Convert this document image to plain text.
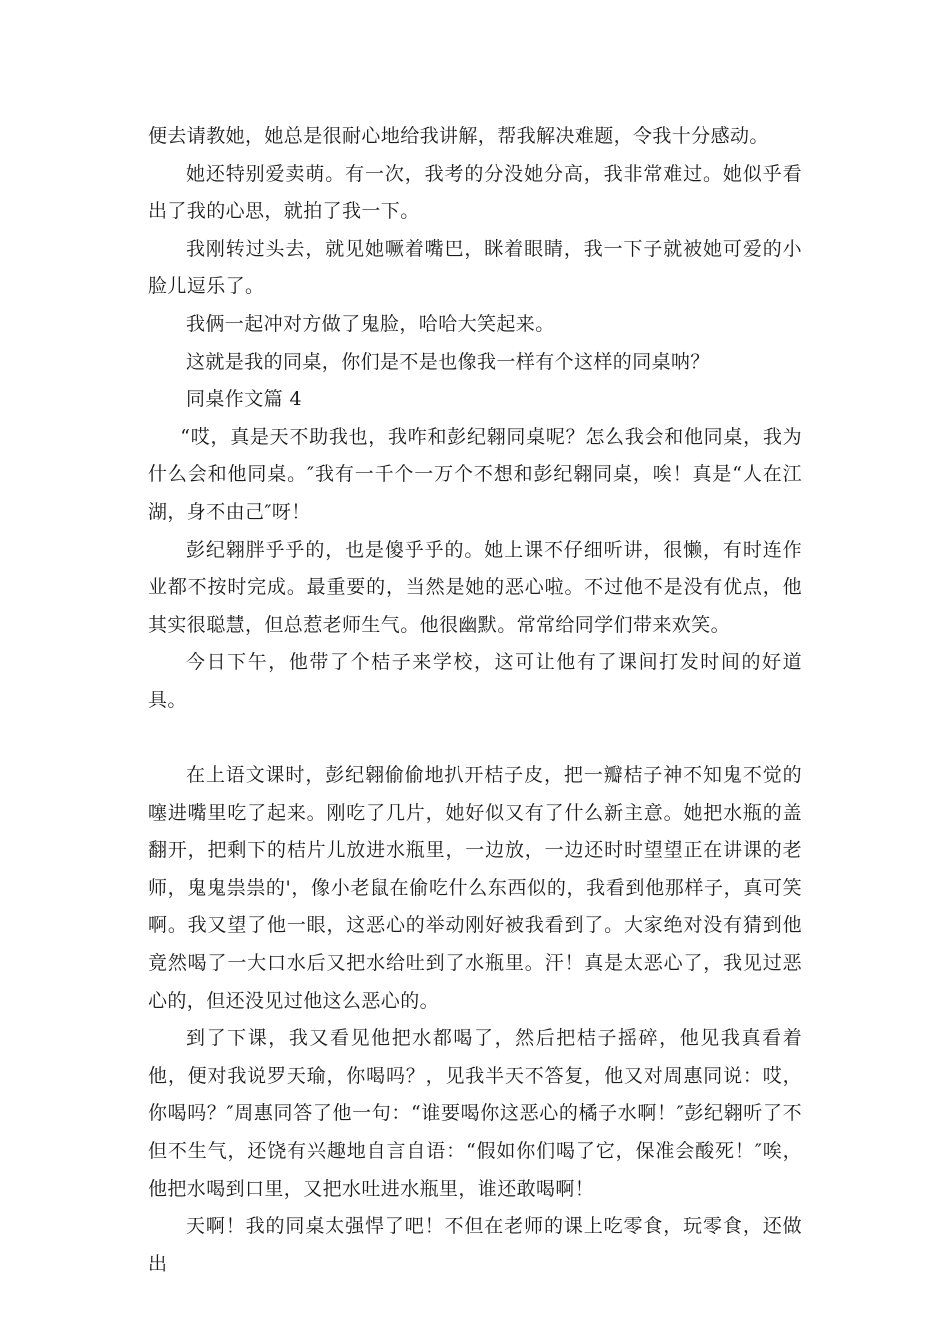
便去请教她，她总是很耐心地给我讲解，帮我解决难题，令我十分感动。

她还特别爱卖萌。有一次，我考的分没她分高，我非常难过。她似乎看出了我的心思，就拍了我一下。

我刚转过头去，就见她噘着嘴巴，眯着眼睛，我一下子就被她可爱的小脸儿逗乐了。

我俩一起冲对方做了鬼脸，哈哈大笑起来。

这就是我的同桌，你们是不是也像我一样有个这样的同桌呐？

同桌作文篇 4

“哎，真是天不助我也，我咋和彭纪翱同桌呢？怎么我会和他同桌，我为什么会和他同桌。″我有一千个一万个不想和彭纪翱同桌，唉！真是“人在江湖，身不由己″呀！

彭纪翱胖乎乎的，也是傻乎乎的。她上课不仔细听讲，很懒，有时连作业都不按时完成。最重要的，当然是她的恶心啦。不过他不是没有优点，他其实很聪慧，但总惹老师生气。他很幽默。常常给同学们带来欢笑。

今日下午，他带了个桔子来学校，这可让他有了课间打发时间的好道具。

在上语文课时，彭纪翱偷偷地扒开桔子皮，把一瓣桔子神不知鬼不觉的噻进嘴里吃了起来。刚吃了几片，她好似又有了什么新主意。她把水瓶的盖翻开，把剩下的桔片儿放进水瓶里，一边放，一边还时时望望正在讲课的老师，鬼鬼祟祟的'，像小老鼠在偷吃什么东西似的，我看到他那样子，真可笑啊。我又望了他一眼，这恶心的举动刚好被我看到了。大家绝对没有猜到他竟然喝了一大口水后又把水给吐到了水瓶里。汗！真是太恶心了，我见过恶心的，但还没见过他这么恶心的。

到了下课，我又看见他把水都喝了，然后把桔子摇碎，他见我真看着他，便对我说罗天瑜，你喝吗？，见我半天不答复，他又对周惠同说：哎，你喝吗？″周惠同答了他一句：“谁要喝你这恶心的橘子水啊！″彭纪翱听了不但不生气，还饶有兴趣地自言自语：“假如你们喝了它，保准会酸死！″唉，他把水喝到口里，又把水吐进水瓶里，谁还敢喝啊！

天啊！我的同桌太强悍了吧！不但在老师的课上吃零食，玩零食，还做出
